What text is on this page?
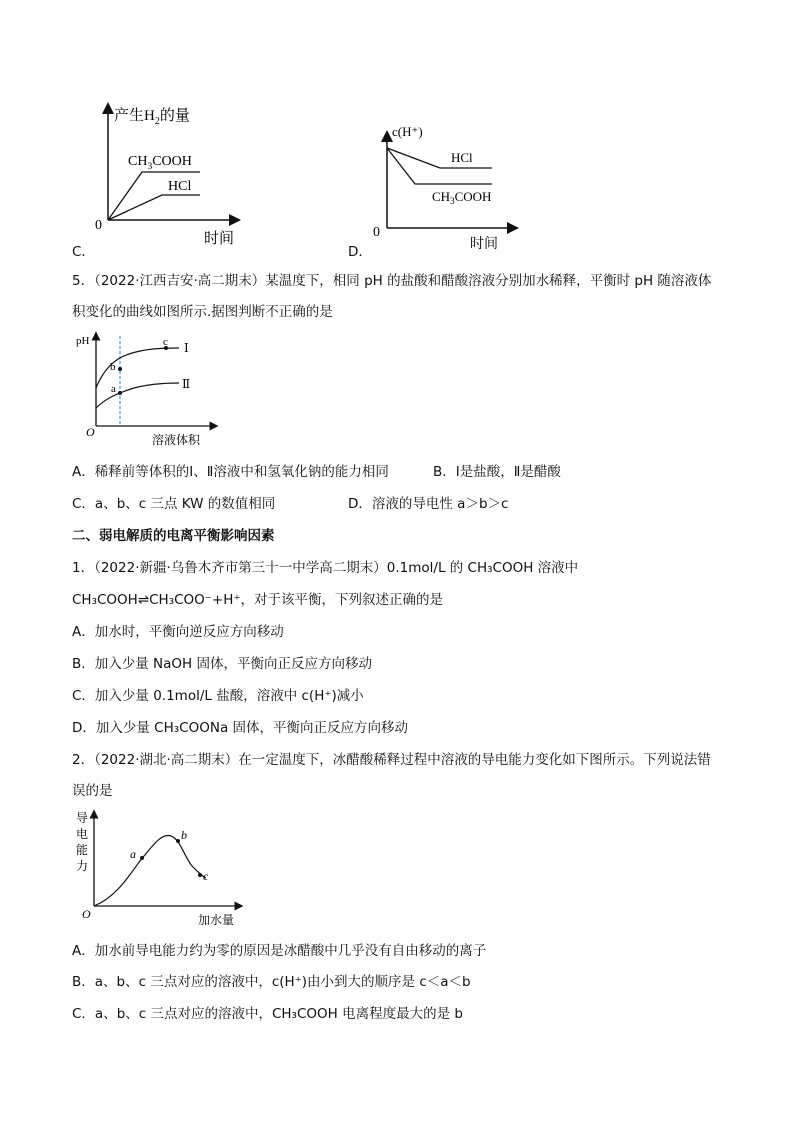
产生$H_2$的量
$CH_3COOH$
HCl
0
时间
C．
c(H⁺)
HCl
$CH_3COOH$
0
时间
D．
5．（2022·江西吉安·高二期末）某温度下，相同 pH 的盐酸和醋酸溶液分别加水稀释，平衡时 pH 随溶液体
积变化的曲线如图所示.据图判断不正确的是
pH
b
a
c Ⅰ
Ⅱ
O
溶液体积
A．稀释前等体积的Ⅰ、Ⅱ溶液中和氢氧化钠的能力相同	B．Ⅰ是盐酸，Ⅱ是醋酸
C．a、b、c 三点 KW 的数值相同	D．溶液的导电性 a＞b＞c
二、弱电解质的电离平衡影响因素
1．（2022·新疆·乌鲁木齐市第三十一中学高二期末）0.1mol/L 的 CH₃COOH 溶液中
CH₃COOH⇌CH₃COO⁻+H⁺，对于该平衡，下列叙述正确的是
A．加水时，平衡向逆反应方向移动
B．加入少量 NaOH 固体，平衡向正反应方向移动
C．加入少量 0.1mol/L 盐酸，溶液中 c(H⁺)减小
D．加入少量 CH₃COONa 固体，平衡向正反应方向移动
2．（2022·湖北·高二期末）在一定温度下，冰醋酸稀释过程中溶液的导电能力变化如下图所示。下列说法错
误的是
导
电
能
力
a
b
c
O	加水量
A．加水前导电能力约为零的原因是冰醋酸中几乎没有自由移动的离子
B．a、b、c 三点对应的溶液中，c(H⁺)由小到大的顺序是 c＜a＜b
C．a、b、c 三点对应的溶液中，CH₃COOH 电离程度最大的是 b
